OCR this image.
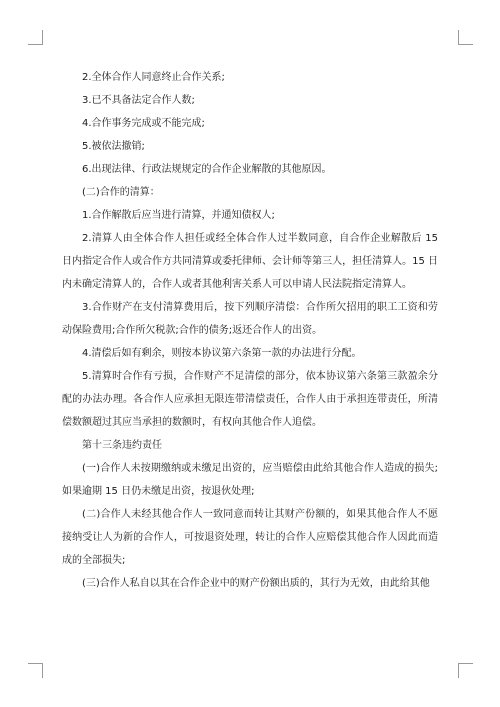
2.全体合作人同意终止合作关系;

3.已不具备法定合作人数;

4.合作事务完成或不能完成;

5.被依法撤销;

6.出现法律、行政法规规定的合作企业解散的其他原因。

(二)合作的清算：

1.合作解散后应当进行清算，并通知债权人;

2.清算人由全体合作人担任或经全体合作人过半数同意，自合作企业解散后 15 日内指定合作人或合作方共同清算或委托律师、会计师等第三人，担任清算人。15 日内未确定清算人的，合作人或者其他利害关系人可以申请人民法院指定清算人。

3.合作财产在支付清算费用后，按下列顺序清偿：合作所欠招用的职工工资和劳动保险费用;合作所欠税款;合作的债务;返还合作人的出资。

4.清偿后如有剩余，则按本协议第六条第一款的办法进行分配。

5.清算时合作有亏损，合作财产不足清偿的部分，依本协议第六条第三款盈余分配的办法办理。各合作人应承担无限连带清偿责任，合作人由于承担连带责任，所清偿数额超过其应当承担的数额时，有权向其他合作人追偿。

第十三条违约责任

(一)合作人未按期缴纳或未缴足出资的，应当赔偿由此给其他合作人造成的损失;如果逾期 15 日仍未缴足出资，按退伙处理;

(二)合作人未经其他合作人一致同意而转让其财产份额的，如果其他合作人不愿接纳受让人为新的合作人，可按退资处理，转让的合作人应赔偿其他合作人因此而造成的全部损失;

(三)合作人私自以其在合作企业中的财产份额出质的，其行为无效，由此给其他
